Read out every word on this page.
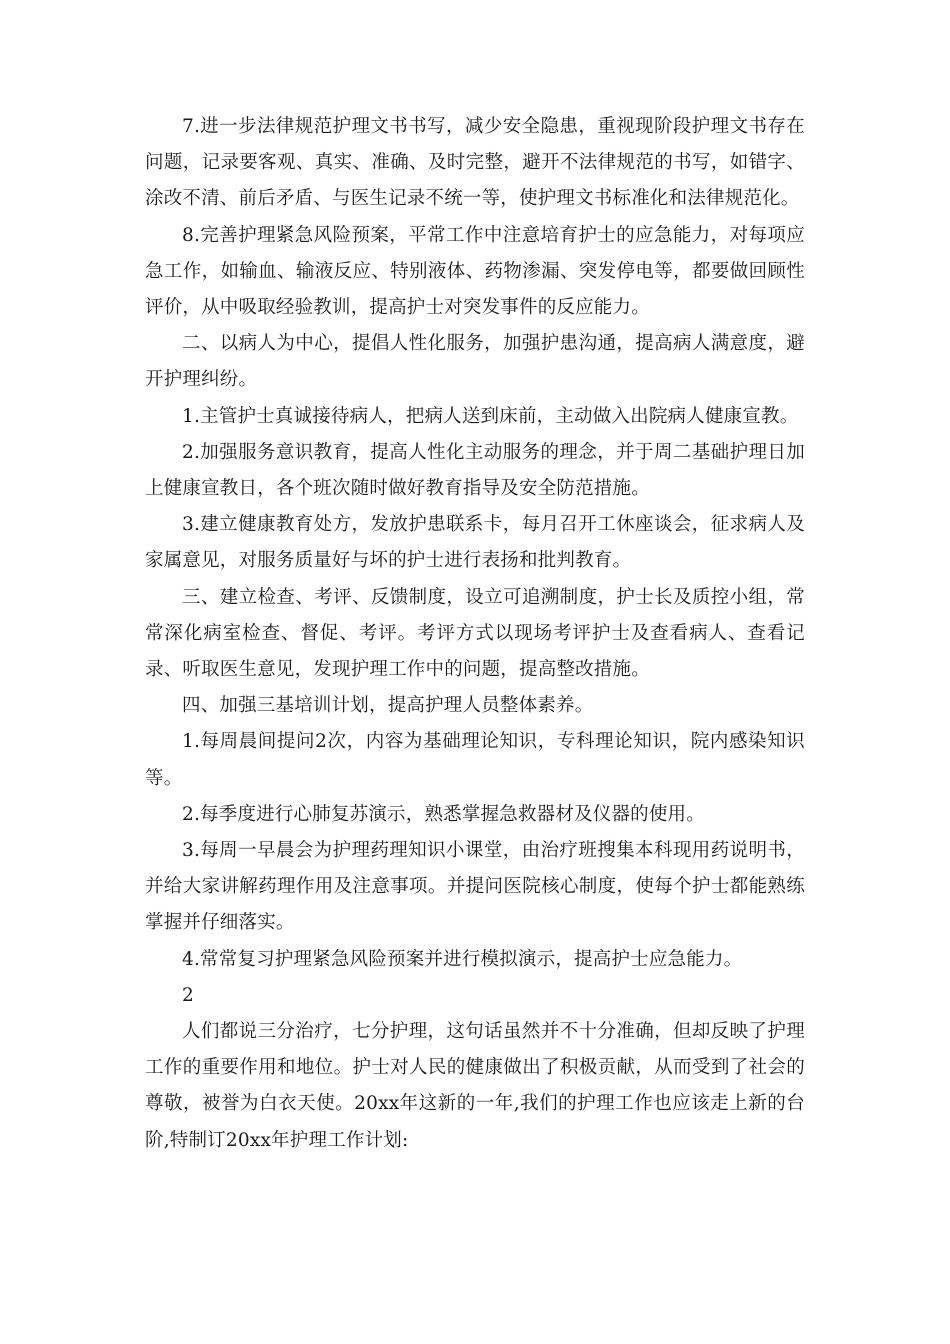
7.进一步法律规范护理文书书写，减少安全隐患，重视现阶段护理文书存在问题，记录要客观、真实、准确、及时完整，避开不法律规范的书写，如错字、涂改不清、前后矛盾、与医生记录不统一等，使护理文书标准化和法律规范化。

8.完善护理紧急风险预案，平常工作中注意培育护士的应急能力，对每项应急工作，如输血、输液反应、特别液体、药物渗漏、突发停电等，都要做回顾性评价，从中吸取经验教训，提高护士对突发事件的反应能力。

二、以病人为中心，提倡人性化服务，加强护患沟通，提高病人满意度，避开护理纠纷。

1.主管护士真诚接待病人，把病人送到床前，主动做入出院病人健康宣教。

2.加强服务意识教育，提高人性化主动服务的理念，并于周二基础护理日加上健康宣教日，各个班次随时做好教育指导及安全防范措施。

3.建立健康教育处方，发放护患联系卡，每月召开工休座谈会，征求病人及家属意见，对服务质量好与坏的护士进行表扬和批判教育。

三、建立检查、考评、反馈制度，设立可追溯制度，护士长及质控小组，常常深化病室检查、督促、考评。考评方式以现场考评护士及查看病人、查看记录、听取医生意见，发现护理工作中的问题，提高整改措施。

四、加强三基培训计划，提高护理人员整体素养。

1.每周晨间提问2次，内容为基础理论知识，专科理论知识，院内感染知识等。

2.每季度进行心肺复苏演示，熟悉掌握急救器材及仪器的使用。

3.每周一早晨会为护理药理知识小课堂，由治疗班搜集本科现用药说明书，并给大家讲解药理作用及注意事项。并提问医院核心制度，使每个护士都能熟练掌握并仔细落实。

4.常常复习护理紧急风险预案并进行模拟演示，提高护士应急能力。

2

人们都说三分治疗，七分护理，这句话虽然并不十分准确，但却反映了护理工作的重要作用和地位。护士对人民的健康做出了积极贡献，从而受到了社会的尊敬，被誉为白衣天使。20xx年这新的一年,我们的护理工作也应该走上新的台阶,特制订20xx年护理工作计划:
